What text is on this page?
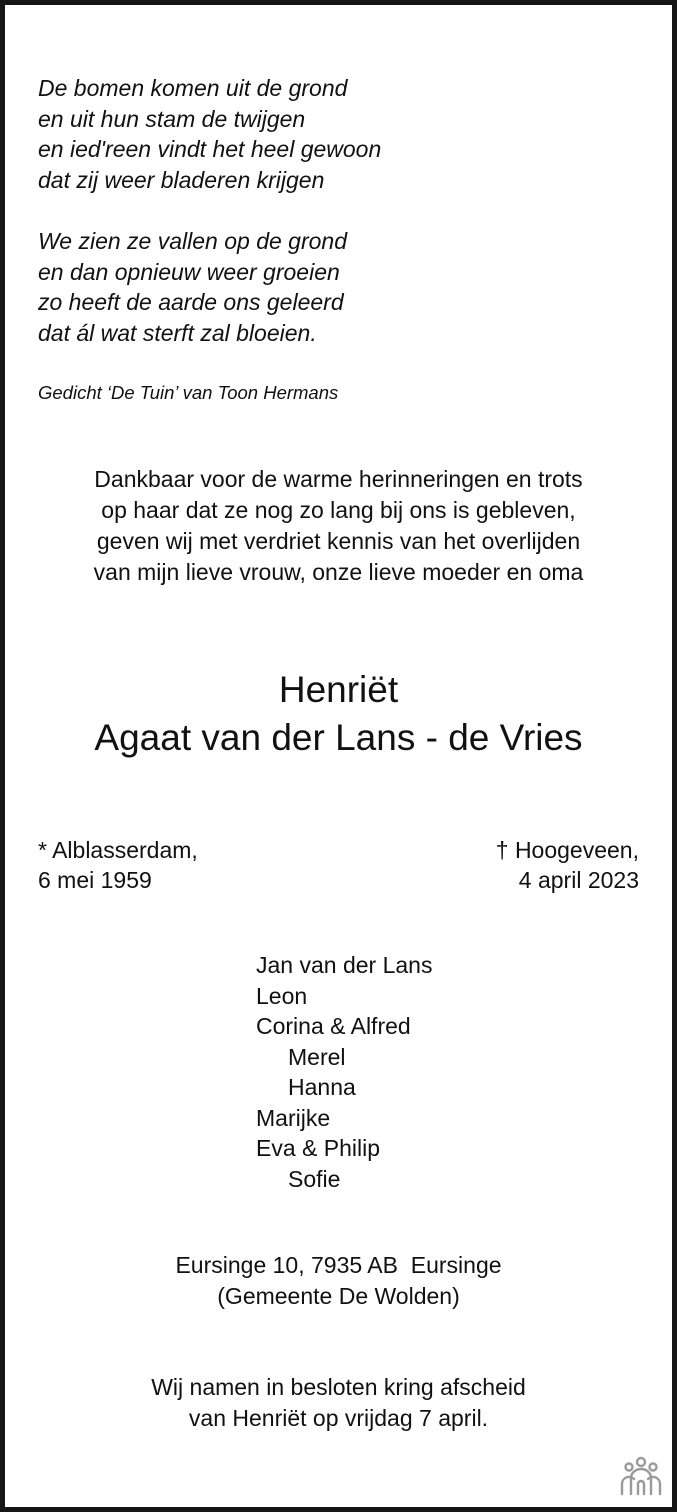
De bomen komen uit de grond
en uit hun stam de twijgen
en ied'reen vindt het heel gewoon
dat zij weer bladeren krijgen
We zien ze vallen op de grond
en dan opnieuw weer groeien
zo heeft de aarde ons geleerd
dat ál wat sterft zal bloeien.
Gedicht ‘De Tuin’ van Toon Hermans
Dankbaar voor de warme herinneringen en trots
op haar dat ze nog zo lang bij ons is gebleven,
geven wij met verdriet kennis van het overlijden
van mijn lieve vrouw, onze lieve moeder en oma
Henriët
Agaat van der Lans - de Vries
* Alblasserdam,
6 mei 1959
† Hoogeveen,
4 april 2023
Jan van der Lans
Leon
Corina & Alfred
Merel
Hanna
Marijke
Eva & Philip
Sofie
Eursinge 10, 7935 AB  Eursinge
(Gemeente De Wolden)
Wij namen in besloten kring afscheid
van Henriët op vrijdag 7 april.
